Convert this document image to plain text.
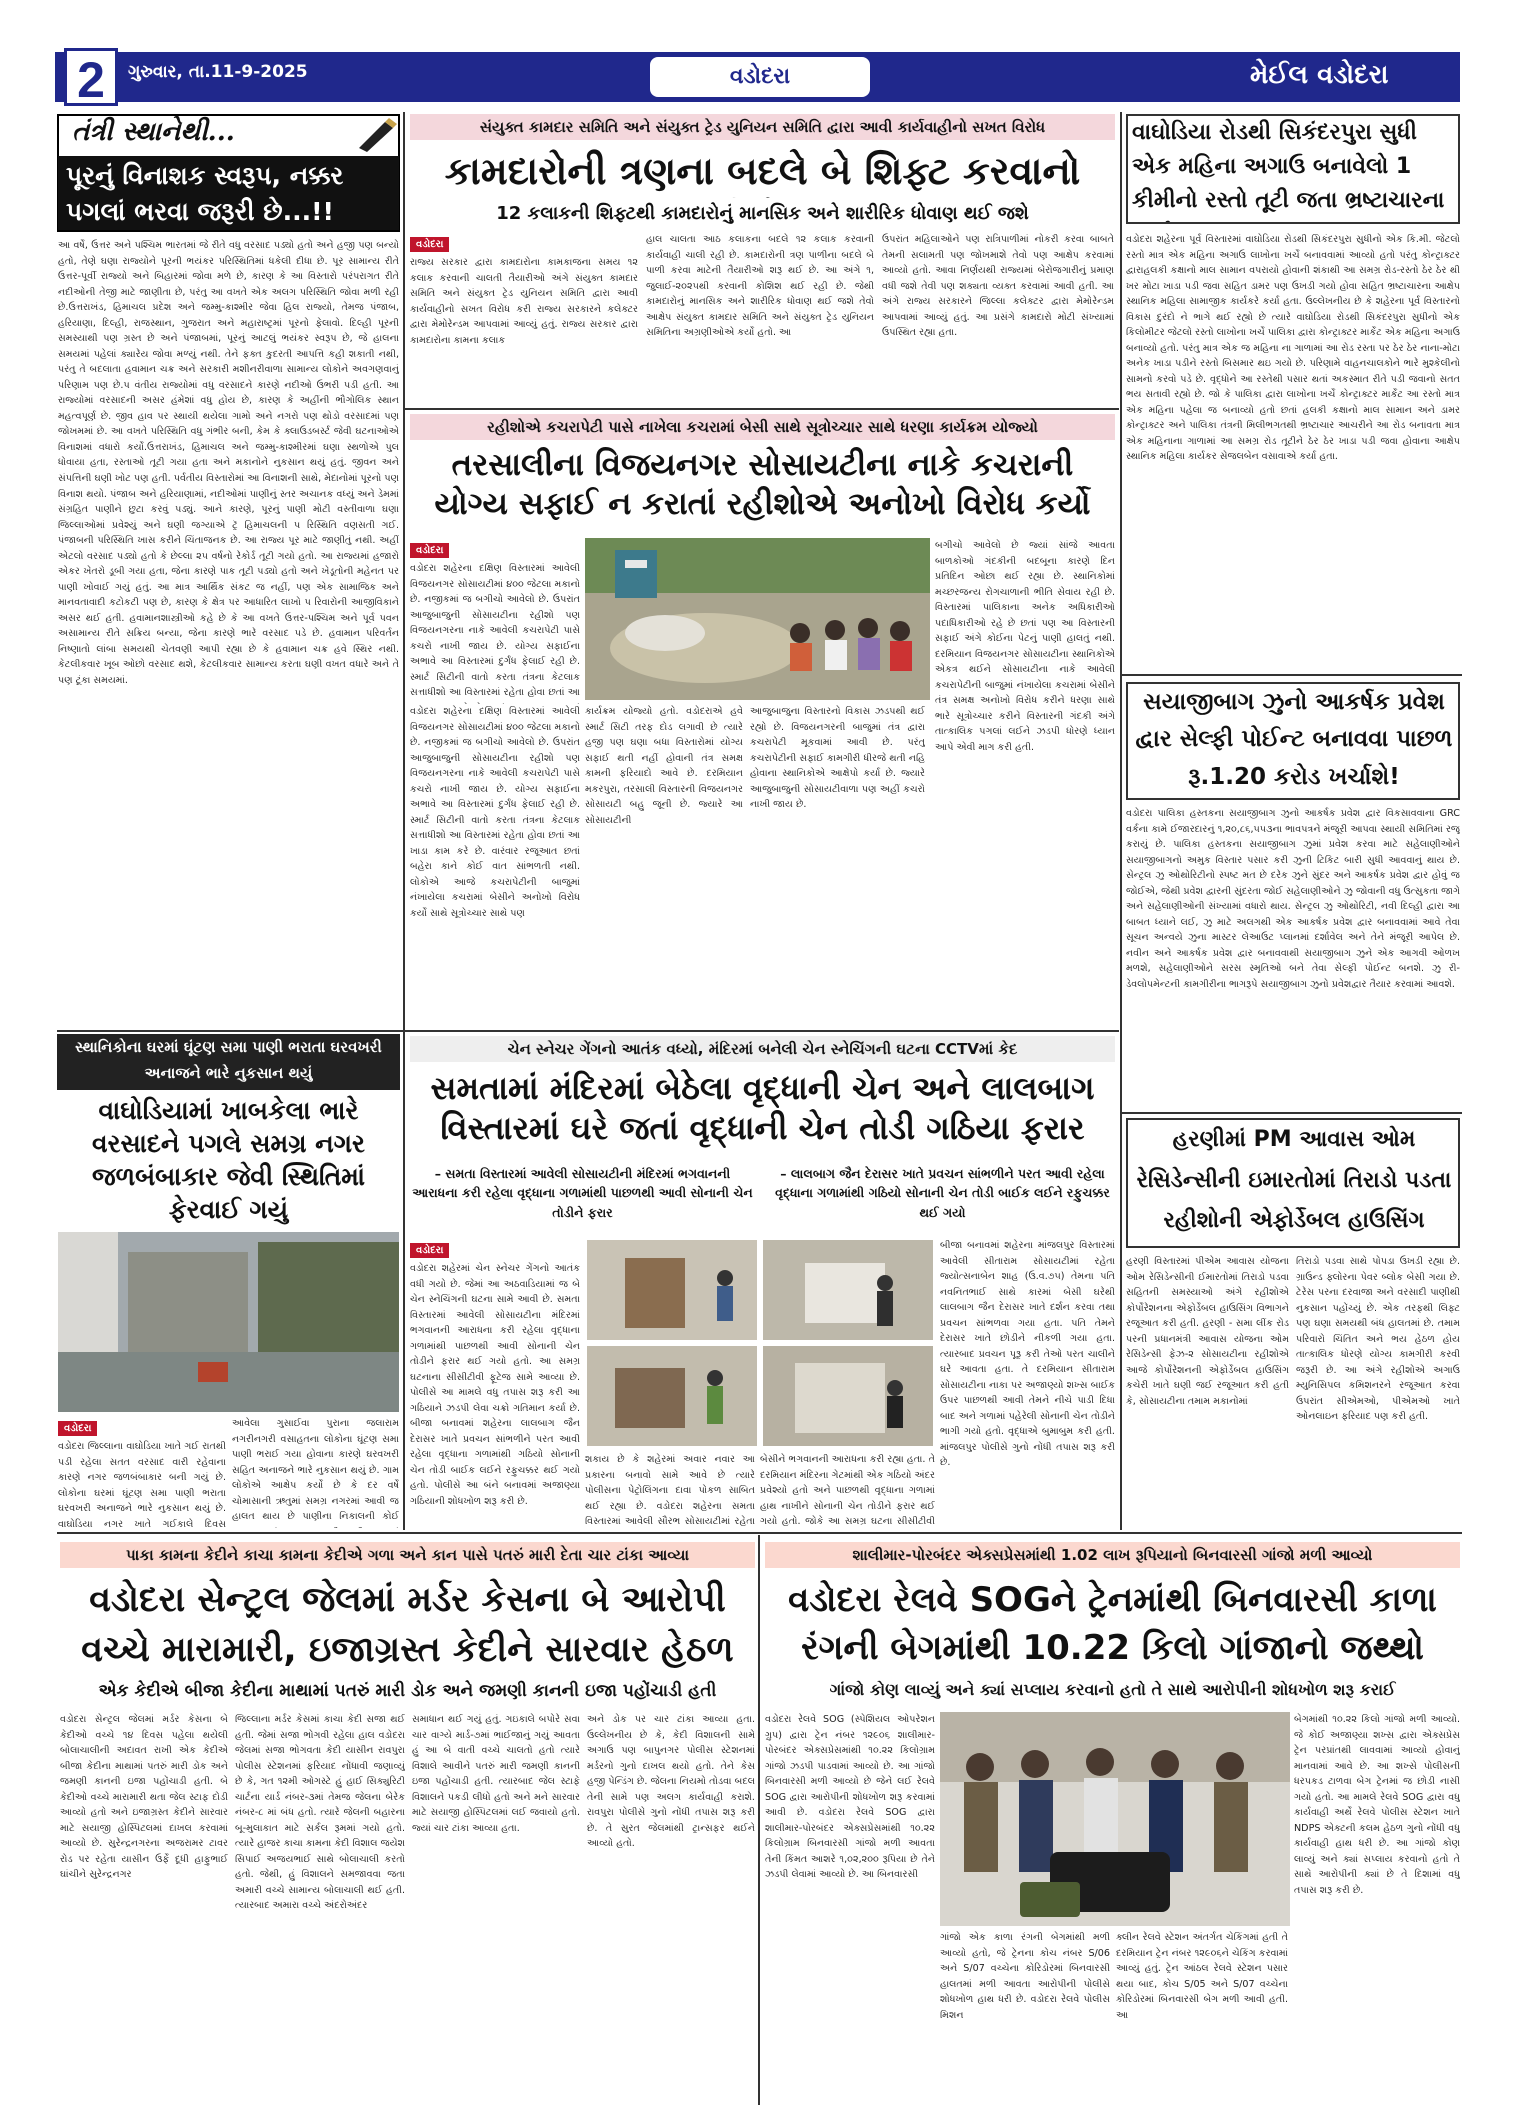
2	ગુરુવાર, તા.11-9-2025	વડોદરા	મેઈલ વડોદરા
તંત્રી સ્થાનેથી...
પૂરનું વિનાશક સ્વરૂપ, નક્કર પગલાં ભરવા જરૂરી છે...!!
આ વર્ષે, ઉત્તર અને પશ્ચિમ ભારતમાં જે રીતે વધુ વરસાદ પડ્યો હતો અને હજી પણ બન્યો હતો, તેણે ઘણા રાજ્યોને પૂરની ભયંકર પરિસ્થિતિમાં ધકેલી દીધા છે. પૂર સામાન્ય રીતે ઉત્તર-પૂર્વી રાજ્યો અને બિહારમાં જોવા મળે છે, કારણ કે આ વિસ્તારો પરંપરાગત રીતે નદીઓની તેજી માટે જાણીતા છે, પરંતુ આ વખતે એક અલગ પરિસ્થિતિ જોવા મળી રહી છે.ઉત્તરાખંડ, હિમાચલ પ્રદેશ અને જમ્મુ-કાશ્મીર જેવા હિલ રાજ્યો, તેમજ પંજાબ, હરિયાણા, દિલ્હી, રાજસ્થાન, ગુજરાત અને મહારાષ્ટ્રમાં પૂરનો ફેલાવો. દિલ્હી પૂરની સમસ્યાથી પણ ગ્રસ્ત છે અને પંજાબમાં, પૂરનું આટલું ભયંકર સ્વરૂપ છે, જે હાલના સમયમાં પહેલાં ક્યારેય જોવા મળ્યું નથી. તેને ફક્ત કુદરતી આપત્તિ કહી શકાતી નથી, પરંતુ તે બદલાતા હવામાન ચક્ર અને સરકારી મશીનરીવાળા સામાન્ય લોકોને અવગણવાનું પરિણામ પણ છે.પ વંતીય રાજ્યોમાં વધુ વરસાદને કારણે નદીઓ ઉભરી પડી હતી. આ રાજ્યોમાં વરસાદની અસર હંમેશાં વધુ હોય છે, કારણ કે અહીંની ભૌગોલિક સ્થાન મહત્વપૂર્ણ છે. જીવ હાવ પર સ્થાયી થયેલા ગામો અને નગરો પણ થોડો વરસાદમાં પણ જોખમમાં છે. આ વખતે પરિસ્થિતિ વધુ ગંભીર બની, કેમ કે ક્લાઉડબર્સ્ટ જેવી ઘટનાઓએ વિનાશમાં વધારો કર્યો.ઉત્તરાખંડ, હિમાચલ અને જમ્મુ-કાશ્મીરમાં ઘણા સ્થળોએ પુલ ધોવાયા હતા, રસ્તાઓ તૂટી ગયા હતા અને મકાનોને નુકસાન થયું હતું. જીવન અને સંપત્તિની ઘણી ખોટ પણ હતી. પર્વતીય વિસ્તારોમાં આ વિનાશની સાથે, મેદાનોમાં પૂરનો પણ વિનાશ થયો. પંજાબ અને હરિયાણામાં, નદીઓમાં પાણીનું સ્તર અચાનક વધ્યું અને ડેમમાં સંગ્રહિત પાણીને છુટા કરવું પડ્યું. આને કારણે, પૂરનું પાણી મોટી વસ્તીવાળા ઘણા જિલ્લાઓમાં પ્રવેશ્યું અને ઘણી જગ્યાએ ટ્રૅ હિમાચલની પ રિસ્થિતિ વણસતી ગઈ. પંજાબની પરિસ્થિતિ ખાસ કરીને ચિંતાજનક છે. આ રાજ્ય પૂર માટે જાણીતું નથી. અહીં એટલો વરસાદ પડ્યો હતો કે છેલ્લા ૨૫ વર્ષનો રેકોર્ડ તૂટી ગયો હતો. આ રાજ્યમાં હજારો એકર ખેતરો ડૂબી ગયા હતા, જેના કારણે પાક તૂટી પડ્યો હતો અને ખેડૂતોની મહેનત પર પાણી ખોવાઈ ગયું હતું. આ માત્ર આર્થિક સંકટ જ નહીં, પણ એક સામાજિક અને માનવતાવાદી કટોકટી પણ છે, કારણ કે ક્ષેત્ર પર આધારિત લાખો પ રિવારોની આજીવિકાને અસર થઈ હતી. હવામાનશાસ્ત્રીઓ કહે છે કે આ વખતે ઉત્તર-પશ્ચિમ અને પૂર્વ પવન અસામાન્ય રીતે સક્રિય બન્યા, જેના કારણે ભારે વરસાદ પડે છે. હવામાન પરિવર્તન નિષ્ણાતો લાંબા સમયથી ચેતવણી આપી રહ્યા છે કે હવામાન ચક્ર હવે સ્થિર નથી. કેટલીકવાર ખૂબ ઓછો વરસાદ થશે, કેટલીકવાર સામાન્ય કરતા ઘણી વખત વધારે અને તે પણ ટૂંકા સમયમાં.
સંયુક્ત કામદાર સમિતિ અને સંયુક્ત ટ્રેડ યુનિયન સમિતિ દ્વારા આવી કાર્યવાહીનો સખત વિરોધ
કામદારોની ત્રણના બદલે બે શિફ્ટ કરવાનો
12 કલાકની શિફ્ટથી કામદારોનું માનસિક અને શારીરિક ધોવાણ થઈ જશે
વડોદરા
રાજ્ય સરકાર દ્વારા કામદારોના કામકાજના સમય ૧૨ કલાક કરવાની ચાલતી તૈયારીઓ અંગે સંયુક્ત કામદાર સમિતિ અને સંયુક્ત ટ્રેડ યુનિયન સમિતિ દ્વારા આવી કાર્યવાહીનો સખત વિરોધ કરી રાજ્ય સરકારને કલેક્ટર દ્વારા મેમોરેન્ડમ આપવામાં આવ્યું હતું. રાજ્ય સરકાર દ્વારા કામદારોના કામના કલાક
હાલ ચાલતા આઠ કલાકના બદલે ૧૨ કલાક કરવાની કાર્યવાહી ચાલી રહી છે. કામદારોની ત્રણ પાળીના બદલે બે પાળી કરવા માટેની તૈયારીઓ શરૂ થઈ છે. આ અંગે ૧, જુલાઈ-૨૦૨૫થી કરવાની કોશિશ થઈ રહી છે. જેથી કામદારોનું માનસિક અને શારીરિક ધોવાણ થઈ જશે તેવો આક્ષેપ સંયુક્ત કામદાર સમિતિ અને સંયુક્ત ટ્રેડ યુનિયન સમિતિના અગ્રણીઓએ કર્યો હતો. આ
ઉપરાંત મહિલાઓને પણ રાત્રિપાળીમાં નોકરી કરવા બાબતે તેમની સલામતી પણ જોખમાશે તેવો પણ આક્ષેપ કરવામાં આવ્યો હતો. આવા નિર્ણયથી રાજ્યમાં બેરોજગારીનું પ્રમાણ વધી જશે તેવી પણ શક્યતા વ્યક્ત કરવામાં આવી હતી. આ અંગે રાજ્ય સરકારને જિલ્લા કલેક્ટર દ્વારા મેમોરેન્ડમ આપવામાં આવ્યું હતું. આ પ્રસંગે કામદારો મોટી સંખ્યામાં ઉપસ્થિત રહ્યા હતા.
વાઘોડિયા રોડથી સિકંદરપુરા સુધી એક મહિના અગાઉ બનાવેલો 1 કીમીનો રસ્તો તૂટી જતા ભ્રષ્ટાચારના
વડોદરા શહેરના પૂર્વ વિસ્તારમાં વાઘોડિયા રોડથી સિકંદરપુરા સુધીનો એક કિ.મી. જેટલો રસ્તો માત્ર એક મહિના અગાઉ લાખોના ખર્ચે બનાવવામાં આવ્યો હતો પરંતુ કોન્ટ્રાક્ટર દ્વારાહલકી કક્ષાનો માલ સામાન વપરાયો હોવાની શંકાથી આ સમગ્ર રોડ-રસ્તો ઠેર ઠેર થી ખર મોટા ખાડા પડી જવા સહિત ડામર પણ ઉખડી ગયો હોવા સહિત ભ્રષ્ટાચારના આક્ષેપ સ્થાનિક મહિલા સામાજીક કાર્યકરે કર્યા હતા. ઉલ્લેખનીય છે કે શહેરના પૂર્વ વિસ્તારનો વિકાસ દુરંદો ને ભાગે થઈ રહ્યો છે ત્યારે વાઘોડિયા રોડથી સિકંદરપુરા સુધીનો એક કિલોમીટર જેટલો રસ્તો લાખોના ખર્ચે પાલિકા દ્વારા કોન્ટ્રાક્ટર માર્કેટ એક મહિના અગાઉ બનાવ્યો હતો. પરંતુ માત્ર એક જ મહિના ના ગાળામાં આ રોડ રસ્તા પર ઠેર ઠેર નાના-મોટા અનેક ખાડા પડીને રસ્તો બિસમાર થઇ ગયો છે. પરિણામે વાહનચાલકોને ભારે મુશ્કેલીનો સામનો કરવો પડે છે. વૃદ્ધોને આ રસ્તેથી પસાર થતાં અકસ્માત રીતે પડી જવાનો સતત ભય સતાવી રહ્યો છે. જો કે પાલિકા દ્વારા લાખોના ખર્ચે કોન્ટ્રાક્ટર માર્કેટ આ રસ્તો માત્ર એક મહિના પહેલા જ બનાવ્યો હતો છતાં હલકી કક્ષાનો માલ સામાન અને ડામર કોન્ટ્રાક્ટર અને પાલિકા તંત્રની મિલીભગતથી ભ્રષ્ટાચાર આચરીને આ રોડ બનાવતા માત્ર એક મહિનાના ગાળામાં આ સમગ્ર રોડ તૂટીને ઠેર ઠેર ખાડા પડી જવા હોવાના આક્ષેપ સ્થાનિક મહિલા કાર્યકર સેજલબેન વસાવાએ કર્યા હતા.
રહીશોએ કચરાપેટી પાસે નાખેલા કચરામાં બેસી સાથે સૂત્રોચ્ચાર સાથે ધરણા કાર્યક્રમ યોજ્યો
તરસાલીના વિજયનગર સોસાયટીના નાકે કચરાની યોગ્ય સફાઈ ન કરાતાં રહીશોએ અનોખો વિરોધ કર્યો
વડોદરા
વડોદરા શહેરના દક્ષિણ વિસ્તારમાં આવેલી વિજયનગર સોસાયટીમાં ૪૦૦ જેટલા મકાનો છે. નજીકમાં જ બગીચો આવેલો છે. ઉપરાંત આજુબાજુની સોસાયટીના રહીશો પણ વિજયનગરના નાકે આવેલી કચરાપેટી પાસે કચરો નાખી જાય છે. યોગ્ય સફાઈના અભાવે આ વિસ્તારમાં દુર્ગંધ ફેલાઈ રહી છે. સ્માર્ટ સિટીની વાતો કરતા તંત્રના કેટલાક સત્તાધીશો આ વિસ્તારમાં રહેતા હોવા છતાં આ
કાર્યક્રમ યોજ્યો હતો. વડોદરાએ હવે સ્માર્ટ સિટી તરફ દોડ લગાવી છે ત્યારે હજી પણ ઘણા બધા વિસ્તારોમાં યોગ્ય સફાઈ થતી નહીં હોવાની તંત્ર સમક્ષ કામની ફરિયાદો આવે છે. દરમિયાન મકરપુરા, તરસાલી વિસ્તારની વિજયનગર સોસાયટી બહુ જૂની છે. જ્યારે આ સોસાયટીની
આજુબાજુના વિસ્તારનો વિકાસ ઝડપથી થઈ રહ્યો છે. વિજયનગરની બાજુમાં તંત્ર દ્વારા કચરાપેટી મૂકવામાં આવી છે. પરંતુ કચરાપેટીની સફાઈ કામગીરી ધીરજે થતી નહિ હોવાના સ્થાનિકોએ આક્ષેપો કર્યા છે. જ્યારે આજુબાજુની સોસાયટીવાળા પણ અહીં કચરો નાખી જાય છે.
વડોદરા શહેરના દક્ષિણ વિસ્તારમાં આવેલી વિજયનગર સોસાયટીમાં ૪૦૦ જેટલા મકાનો છે. નજીકમાં જ બગીચો આવેલો છે. ઉપરાંત આજુબાજુની સોસાયટીના રહીશો પણ વિજયનગરના નાકે આવેલી કચરાપેટી પાસે કચરો નાખી જાય છે. યોગ્ય સફાઈના અભાવે આ વિસ્તારમાં દુર્ગંધ ફેલાઈ રહી છે. સ્માર્ટ સિટીની વાતો કરતા તંત્રના કેટલાક સત્તાધીશો આ વિસ્તારમાં રહેતા હોવા છતાં આ ખાડા કામ કરે છે. વારંવાર રજૂઆત છતાં બહેરા કાને કોઈ વાત સાંભળતી નથી. લોકોએ આજે કચરાપેટીની બાજુમાં નંખાયેલા કચરામાં બેસીને અનોખો વિરોધ કર્યો સાથે સૂત્રોચ્ચાર સાથે પણ
બગીચો આવેલો છે જ્યાં સાંજે આવતા બાળકોઓ ગંદકીની બદબૂના કારણે દિન પ્રતિદિન ઓછા થઈ રહ્યા છે. સ્થાનિકોમાં મચ્છરજન્ય રોગચાળાની ભીતિ સેવાય રહી છે. વિસ્તારમાં પાલિકાના અનેક અધિકારીઓ પદાધિકારીઓ રહે છે છતાં પણ આ વિસ્તારની સફાઈ અંગે કોઈના પેટનું પાણી હાલતું નથી. દરમિયાન વિજયનગર સોસાયટીના સ્થાનિકોએ એકત્ર થઈને સોસાયટીના નાકે આવેલી કચરાપેટીની બાજુમાં નંખાયેલા કચરામાં બેસીને તંત્ર સમક્ષ અનોખો વિરોધ કરીને ધરણા સાથે ભારે સૂત્રોચ્ચાર કરીને વિસ્તારની ગંદકી અંગે તાત્કાલિક પગલાં લઈને ઝડપી ધોરણે ધ્યાન આપે એવી માગ કરી હતી.
સયાજીબાગ ઝુનો આકર્ષક પ્રવેશ દ્વાર સેલ્ફી પોઈન્ટ બનાવવા પાછળ રૂ.1.20 કરોડ ખર્ચાશે!
વડોદરા પાલિકા હસ્તકના સયાજીબાગ ઝુનો આકર્ષક પ્રવેશ દ્વાર વિકસાવવાના GRC વર્કના કામે ઈજારદારનું ૧,૨૦,૮૬,૫૫૩ના ભાવપત્રને મંજૂરી આપવા સ્થાયી સમિતિમાં રજૂ કરાયું છે. પાલિકા હસ્તકના સયાજીબાગ ઝુમાં પ્રવેશ કરવા માટે સહેલાણીઓને સયાજીબાગનો અમુક વિસ્તાર પસાર કરી ઝુની ટિકિટ બારી સુધી આવવાનું થાય છે. સેન્ટ્રલ ઝુ ઓથોરિટીનો સ્પષ્ટ મત છે દરેક ઝુને સુંદર અને આકર્ષક પ્રવેશ દ્વાર હોવું જ જોઈએ, જેથી પ્રવેશ દ્વારની સુંદરતા જોઈ સહેલાણીઓને ઝુ જોવાની વધુ ઉત્સુકતા જાગે અને સહેલાણીઓની સંખ્યામાં વધારો થાય. સેન્ટ્રલ ઝુ ઓથોરિટી, નવી દિલ્હી દ્વારા આ બાબત ધ્યાને લઈ, ઝુ માટે અલગથી એક આકર્ષક પ્રવેશ દ્વાર બનાવવામાં આવે તેવા સૂચન અન્વયે ઝુના માસ્ટર લેઆઉટ પ્લાનમાં દર્શાવેલ અને તેને મંજૂરી આપેલ છે. નવીન અને આકર્ષક પ્રવેશ દ્વાર બનાવવાથી સયાજીબાગ ઝુને એક આગવી ઓળખ મળશે, સહેલાણીઓને સરસ સ્મૃતિઓ બને તેવા સેલ્ફી પોઈન્ટ બનશે. ઝુ રી-ડેવલોપમેન્ટની કામગીરીના ભાગરૂપે સયાજીબાગ ઝુનો પ્રવેશદ્વાર તૈયાર કરવામાં આવશે.
સ્થાનિકોના ઘરમાં ઘૂંટણ સમા પાણી ભરાતા ઘરવખરી અનાજને ભારે નુકસાન થયું
વાઘોડિયામાં ખાબકેલા ભારે વરસાદને પગલે સમગ્ર નગર જળબંબાકાર જેવી સ્થિતિમાં ફેરવાઈ ગયું
વડોદરા
વડોદરા જિલ્લાના વાઘોડિયા ખાતે ગઈ રાતથી પડી રહેલા સતત વરસાદ વારી રહેવાના કારણે નગર જળબંબાકાર બની ગયું છે. લોકોના ઘરમાં ઘૂંટણ સમા પાણી ભરાતા ઘરવખરી અનાજને ભારે નુકસાન થયું છે. વાઘોડિયા નગર ખાતે ગઈકાલે દિવસ
આવેલા ગુસાઈવા પુરાના જલારામ નગરીનગરી વસાહતના લોકોના ઘૂંટણ સમા પાણી ભરાઈ ગયા હોવાના કારણે ઘરવખરી સહિત અનાજને ભારે નુકસાન થયું છે. ગામ લોકોએ આક્ષેપ કર્યો છે કે દર વર્ષે ચોમાસાની ઋતુમાં સમગ્ર નગરમાં આવી જ હાલત થાય છે પાણીના નિકાલની કોઈ
ચેન સ્નેચર ગેંગનો આતંક વધ્યો, મંદિરમાં બનેલી ચેન સ્નેચિંગની ઘટના CCTVમાં કેદ
સમતામાં મંદિરમાં બેઠેલા વૃદ્ધાની ચેન અને લાલબાગ વિસ્તારમાં ઘરે જતાં વૃદ્ધાની ચેન તોડી ગઠિયા ફરાર
– સમતા વિસ્તારમાં આવેલી સોસાયટીની મંદિરમાં ભગવાનની આરાધના કરી રહેલા વૃદ્ધાના ગળામાંથી પાછળથી આવી સોનાની ચેન તોડીને ફરાર
– લાલબાગ જૈન દેરાસર ખાતે પ્રવચન સાંભળીને પરત આવી રહેલા વૃદ્ધાના ગળામાંથી ગઠિયો સોનાની ચેન તોડી બાઈક લઈને રફુચક્કર થઈ ગયો
વડોદરા
વડોદરા શહેરમાં ચેન સ્નેચર ગેંગનો આતંક વધી ગયો છે. જેમાં આ અઠવાડિયામાં જ બે ચેન સ્નેચિંગની ઘટના સામે આવી છે. સમતા વિસ્તારમાં આવેલી સોસાયટીના મંદિરમાં ભગવાનની આરાધના કરી રહેલા વૃદ્ધાના ગળામાંથી પાછળથી આવી સોનાની ચેન તોડીને ફરાર થઈ ગયો હતો. આ સમગ્ર ઘટનાના સીસીટીવી ફૂટેજ સામે આવ્યા છે. પોલીસે આ મામલે વધુ તપાસ શરૂ કરી આ ગઠિયાને ઝડપી લેવા ચક્રો ગતિમાન કર્યા છે. બીજા બનાવમાં શહેરના લાલબાગ જૈન દેરાસર ખાતે પ્રવચન સાંભળીને પરત આવી રહેલા વૃદ્ધાના ગળામાંથી ગઠિયો સોનાની ચેન તોડી બાઈક લઈને રફુચક્કર થઈ ગયો હતો. પોલીસે આ બંને બનાવમાં અજાણ્યા ગઠિયાની શોધખોળ શરૂ કરી છે.
શકાય છે કે શહેરમાં અવાર નવાર આ પ્રકારના બનાવો સામે આવે છે ત્યારે પોલીસના પેટ્રોલિંગના દાવા પોકળ સાબિત થઈ રહ્યા છે. વડોદરા શહેરના સમતા વિસ્તારમાં આવેલી સૌરભ સોસાયટીમાં રહેતા
બેસીને ભગવાનની આરાધના કરી રહ્યા હતા. તે દરમિયાન મંદિરના ગેટમાંથી એક ગઠિયો અંદર પ્રવેશ્યો હતો અને પાછળથી વૃદ્ધાના ગળામાં હાથ નાખીને સોનાની ચેન તોડીને ફરાર થઈ ગયો હતો. જોકે આ સમગ્ર ઘટના સીસીટીવી
બીજા બનાવમાં શહેરના માંજલપુર વિસ્તારમાં આવેલી સીતારામ સોસાયટીમાં રહેતા જ્યોત્સનાબેન શાહ (ઉ.વ.૭૫) તેમના પતિ નવનિતભાઈ સાથે કારમાં બેસી ઘરેથી લાલબાગ જૈન દેરાસર ખાતે દર્શન કરવા તથા પ્રવચન સાંભળવા ગયા હતા. પતિ તેમને દેરાસર ખાતે છોડીને નીકળી ગયા હતા. ત્યારબાદ પ્રવચન પૂરૂ કરી તેઓ પરત ચાલીને ઘરે આવતા હતા. તે દરમિયાન સીતારામ સોસાયટીના નાકા પર અજાણ્યો શખ્સ બાઈક ઉપર પાછળથી આવી તેમને નીચે પાડી દિધા બાદ અને ગળામાં પહેરેલી સોનાની ચેન તોડીને ભાગી ગયો હતો. વૃદ્ધાએ બુમાબુમ કરી હતી. માંજલપુર પોલીસે ગુનો નોંધી તપાસ શરૂ કરી છે.
હરણીમાં PM આવાસ ઓમ રેસિડેન્સીની ઇમારતોમાં તિરાડો પડતા રહીશોની એફોર્ડેબલ હાઉસિંગ
હરણી વિસ્તારમાં પીએમ આવાસ યોજના ઓમ રેસિડેન્સીની ઈમારતોમાં તિરાડો પડવા સહિતની સમસ્યાઓ અંગે રહીશોએ કોર્પોરેશનના એફોર્ડેબલ હાઉસિંગ વિભાગને રજૂઆત કરી હતી. હરણી - સમા લીંક રોડ પરની પ્રધાનમંત્રી આવાસ યોજના ઓમ રેસિડેન્સી ફેઝ-૨ સોસાયટીના રહીશોએ આજે કોર્પોરેશનની એફોર્ડેબલ હાઉસિંગ કચેરી ખાતે ઘણી જઈ રજૂઆત કરી હતી કે, સોસાયટીના તમામ મકાનોમાં
તિરાડો પડવા સાથે પોપડા ઉખડી રહ્યા છે. ગ્રાઉન્ડ ફ્લોરના પેવર બ્લોક બેસી ગયા છે. ટેરેસ પરના દરવાજા અને વરસાદી પાણીથી નુકસાન પહોંચ્યું છે. એક તરફથી લિફ્ટ પણ ઘણા સમયથી બંધ હાલતમાં છે. તમામ પરિવારો ચિંતિત અને ભય હેઠળ હોય તાત્કાલિક ધોરણે યોગ્ય કામગીરી કરવી જરૂરી છે. આ અંગે રહીશોએ અગાઉ મ્યુનિસિપલ કમિશનરને રજૂઆત કરવા ઉપરાંત સીએમઓ, પીએમઓ ખાતે ઓનલાઇન ફરિયાદ પણ કરી હતી.
પાકા કામના કેદીને કાચા કામના કેદીએ ગળા અને કાન પાસે પતરું મારી દેતા ચાર ટાંકા આવ્યા
વડોદરા સેન્ટ્રલ જેલમાં મર્ડર કેસના બે આરોપી વચ્ચે મારામારી, ઇજાગ્રસ્ત કેદીને સારવાર હેઠળ
એક કેદીએ બીજા કેદીના માથામાં પતરું મારી ડોક અને જમણી કાનની ઇજા પહોંચાડી હતી
વડોદરા સેન્ટ્રલ જેલમાં મર્ડર કેસના બે કેદીઓ વચ્ચે ૧૪ દિવસ પહેલા થયેલી બોલાચાલીની અદાવત રાખી એક કેદીએ બીજા કેદીના માથામાં પતરું મારી ડોક અને જમણી કાનની ઇજા પહોંચાડી હતી. બે કેદીઓ વચ્ચે મારામારી થતા જેલ સ્ટાફ દોડી આવ્યો હતો અને ઇજાગ્રસ્ત કેદીને સારવાર માટે સયાજી હોસ્પિટલમાં દાખલ કરવામાં આવ્યો છે. સુરેન્દ્રનગરના અજરામર ટાવર રોડ પર રહેતા યાસીન ઉર્ફે દૂધી હાફુભાઈ ઘાંચીને સુરેન્દ્રનગર
જિલ્લાના મર્ડર કેસમાં કાચા કેદી સજા થઈ હતી. જેમાં સજા ભોગવી રહેલા હાલ વડોદરા જેલમાં સજા ભોગવતા કેદી યાસીન રાવપુરા પોલીસ સ્ટેશનમાં ફરિયાદ નોંધાવી જણાવ્યું છે કે, ગત ૧૨મી ઓગસ્ટે હું હાઈ સિક્યુરિટી ચાર્ટના યાર્ડ નંબર-૩માં તેમજ જેલના બેરેક નંબર-૮ માં બંધ હતો. ત્યારે જેલની બહારના બૂ-મુલાકાત માટે સર્કલ રૂમમાં ગયો હતો. ત્યારે હાજર કાચા કામના કેદી વિશાલ જયેશ સિપાઈ અજયભાઈ સાથે બોલાચાલી કરતો હતો. જેથી, હું વિશાલને સમજાવવા જતા અમારી વચ્ચે સામાન્ય બોલાચાલી થઈ હતી. ત્યારબાદ અમારા વચ્ચે અંદરોઅંદર
સમાધાન થઈ ગયું હતું. ગઇકાલે બપોરે સવા ચાર વાગ્યે માર્ડ-૭માં ભાઈજાનું ગયું આવતા હું આ બે વાતી વચ્ચે ચાલતો હતો ત્યારે વિશાલે આવીને પતરું મારી જમણી કાનની ઇજા પહોંચાડી હતી. ત્યારબાદ જેલ સ્ટાફે વિશાલને પકડી લીધો હતો અને મને સારવાર માટે સયાજી હોસ્પિટલમાં લઈ જવાયો હતો. જ્યાં ચાર ટાંકા આવ્યા હતા.
અને ડોક પર ચાર ટાંકા આવ્યા હતા. ઉલ્લેખનીય છે કે, કેદી વિશાલની સામે અગાઉ પણ બાપુનગર પોલીસ સ્ટેશનમાં મર્ડરનો ગુનો દાખલ થયો હતો. તેને કેસ હજી પેન્ડિંગ છે. જેલના નિયમો તોડવા બદલ તેની સામે પણ અલગ કાર્યવાહી કરાશે. રાવપુરા પોલીસે ગુનો નોંધી તપાસ શરૂ કરી છે. તે સુરત જેલમાંથી ટ્રાન્સફર થઈને આવ્યો હતો.
શાલીમાર-પોરબંદર એક્સપ્રેસમાંથી 1.02 લાખ રૂપિયાનો બિનવારસી ગાંજો મળી આવ્યો
વડોદરા રેલવે SOGને ટ્રેનમાંથી બિનવારસી કાળા રંગની બેગમાંથી 10.22 કિલો ગાંજાનો જથ્થો
ગાંજો કોણ લાવ્યું અને ક્યાં સપ્લાય કરવાનો હતો તે સાથે આરોપીની શોધખોળ શરૂ કરાઈ
વડોદરા રેલવે SOG (સ્પેશિયલ ઓપરેશન ગ્રુપ) દ્વારા ટ્રેન નંબર ૧૨૯૦૬ શાલીમાર-પોરબંદર એક્સપ્રેસમાંથી ૧૦.૨૨ કિલોગ્રામ ગાંજો ઝડપી પાડવામાં આવ્યો છે. આ ગાંજો બિનવારસી મળી આવ્યો છે જેને લઈ રેલવે SOG દ્વારા આરોપીની શોધખોળ શરૂ કરવામાં આવી છે. વડોદરા રેલવે SOG દ્વારા શાલીમાર-પોરબંદર એક્સપ્રેસમાંથી ૧૦.૨૨ કિલોગ્રામ બિનવારસી ગાંજો મળી આવતા તેની કિંમત આશરે ૧,૦૨,૨૦૦ રૂપિયા છે તેને ઝડપી લેવામાં આવ્યો છે. આ બિનવારસી
ગાંજો એક કાળા રંગની બેગમાંથી મળી આવ્યો હતો, જે ટ્રેનના કોચ નંબર S/06 અને S/07 વચ્ચેના કોરિડોરમાં બિનવારસી હાલતમાં મળી આવતા આરોપીની પોલીસે શોધખોળ હાથ ધરી છે. વડોદરા રેલવે પોલીસ મિશન
ક્લીન રેલવે સ્ટેશન અંતર્ગત ચેકિંગમાં હતી તે દરમિયાન ટ્રેન નંબર ૧૨૯૦૬ને ચેકિંગ કરવામાં આવ્યું હતું. ટ્રેન આંઠલ રેલવે સ્ટેશન પસાર થયા બાદ, કોચ S/05 અને S/07 વચ્ચેના કોરિડોરમાં બિનવારસી બેગ મળી આવી હતી. આ
બેગમાંથી ૧૦.૨૨ કિલો ગાંજો મળી આવ્યો. જે કોઈ અજાણ્યા શખ્સ દ્વારા એક્સપ્રેસ ટ્રેન પરપ્રાંતથી લાવવામાં આવ્યો હોવાનું માનવામાં આવે છે. આ શખ્સે પોલીસની ધરપકડ ટાળવા બેગ ટ્રેનમાં જ છોડી નાસી ગયો હતો. આ મામલે રેલવે SOG દ્વારા વધુ કાર્યવાહી અર્થે રેલવે પોલીસ સ્ટેશન ખાતે NDPS એક્ટની કલમ હેઠળ ગુનો નોંધી વધુ કાર્યવાહી હાથ ધરી છે. આ ગાંજો કોણ લાવ્યું અને ક્યાં સપ્લાય કરવાનો હતો તે સાથે આરોપીની ક્યાં છે તે દિશામાં વધુ તપાસ શરૂ કરી છે.
